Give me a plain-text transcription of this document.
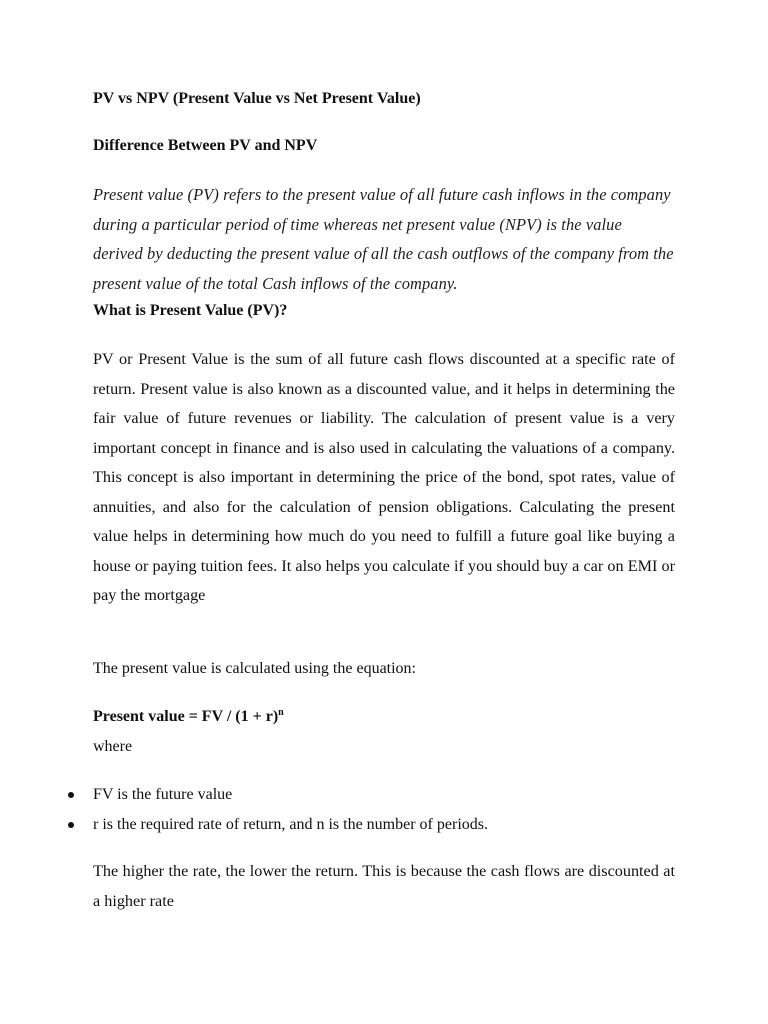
PV vs NPV (Present Value vs Net Present Value)

Difference Between PV and NPV

Present value (PV) refers to the present value of all future cash inflows in the company during a particular period of time whereas net present value (NPV) is the value derived by deducting the present value of all the cash outflows of the company from the present value of the total Cash inflows of the company.

What is Present Value (PV)?

PV or Present Value is the sum of all future cash flows discounted at a specific rate of return. Present value is also known as a discounted value, and it helps in determining the fair value of future revenues or liability. The calculation of present value is a very important concept in finance and is also used in calculating the valuations of a company. This concept is also important in determining the price of the bond, spot rates, value of annuities, and also for the calculation of pension obligations. Calculating the present value helps in determining how much do you need to fulfill a future goal like buying a house or paying tuition fees. It also helps you calculate if you should buy a car on EMI or pay the mortgage

The present value is calculated using the equation:

Present value = FV / $(1 + r)^n$

where

FV is the future value
r is the required rate of return, and n is the number of periods.

The higher the rate, the lower the return. This is because the cash flows are discounted at a higher rate
